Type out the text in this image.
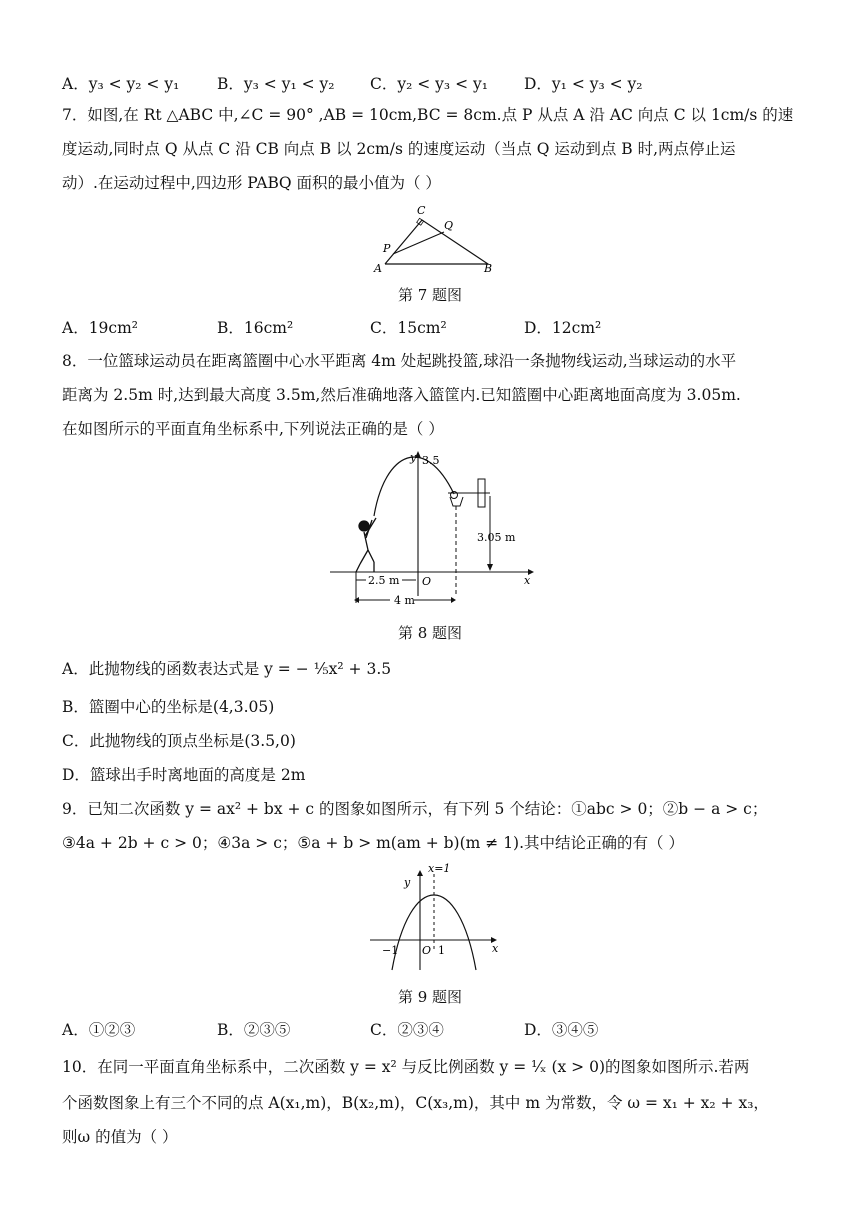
A．y₃ < y₂ < y₁ B．y₃ < y₁ < y₂ C．y₂ < y₃ < y₁ D．y₁ < y₃ < y₂
7．如图,在 Rt △ABC 中,∠C = 90° ,AB = 10cm,BC = 8cm.点 P 从点 A 沿 AC 向点 C 以 1cm/s 的速
度运动,同时点 Q 从点 C 沿 CB 向点 B 以 2cm/s 的速度运动（当点 Q 运动到点 B 时,两点停止运
动）.在运动过程中,四边形 PABQ 面积的最小值为（ ）
C
Q
P
A	B
第 7 题图
A．19cm²	B．16cm²	C．15cm²	D．12cm²
8．一位篮球运动员在距离篮圈中心水平距离 4m 处起跳投篮,球沿一条抛物线运动,当球运动的水平
距离为 2.5m 时,达到最大高度 3.5m,然后准确地落入篮筐内.已知篮圈中心距离地面高度为 3.05m.
在如图所示的平面直角坐标系中,下列说法正确的是（ ）
3.05 m
y 3.5
O	x
2.5 m
4 m
第 8 题图
A．此抛物线的函数表达式是 y = − ⅕x² + 3.5
B．篮圈中心的坐标是(4,3.05)
C．此抛物线的顶点坐标是(3.5,0)
D．篮球出手时离地面的高度是 2m
9．已知二次函数 y = ax² + bx + c 的图象如图所示，有下列 5 个结论：①abc > 0；②b − a > c；
③4a + 2b + c > 0；④3a > c；⑤a + b > m(am + b)(m ≠ 1).其中结论正确的有（ ）
x=1
y
−1 O 1	x
第 9 题图
A．①②③	B．②③⑤	C．②③④	D．③④⑤
10．在同一平面直角坐标系中，二次函数 y = x² 与反比例函数 y = ¹⁄ₓ (x > 0)的图象如图所示.若两
个函数图象上有三个不同的点 A(x₁,m)，B(x₂,m)，C(x₃,m)，其中 m 为常数，令 ω = x₁ + x₂ + x₃，
则ω 的值为（ ）
